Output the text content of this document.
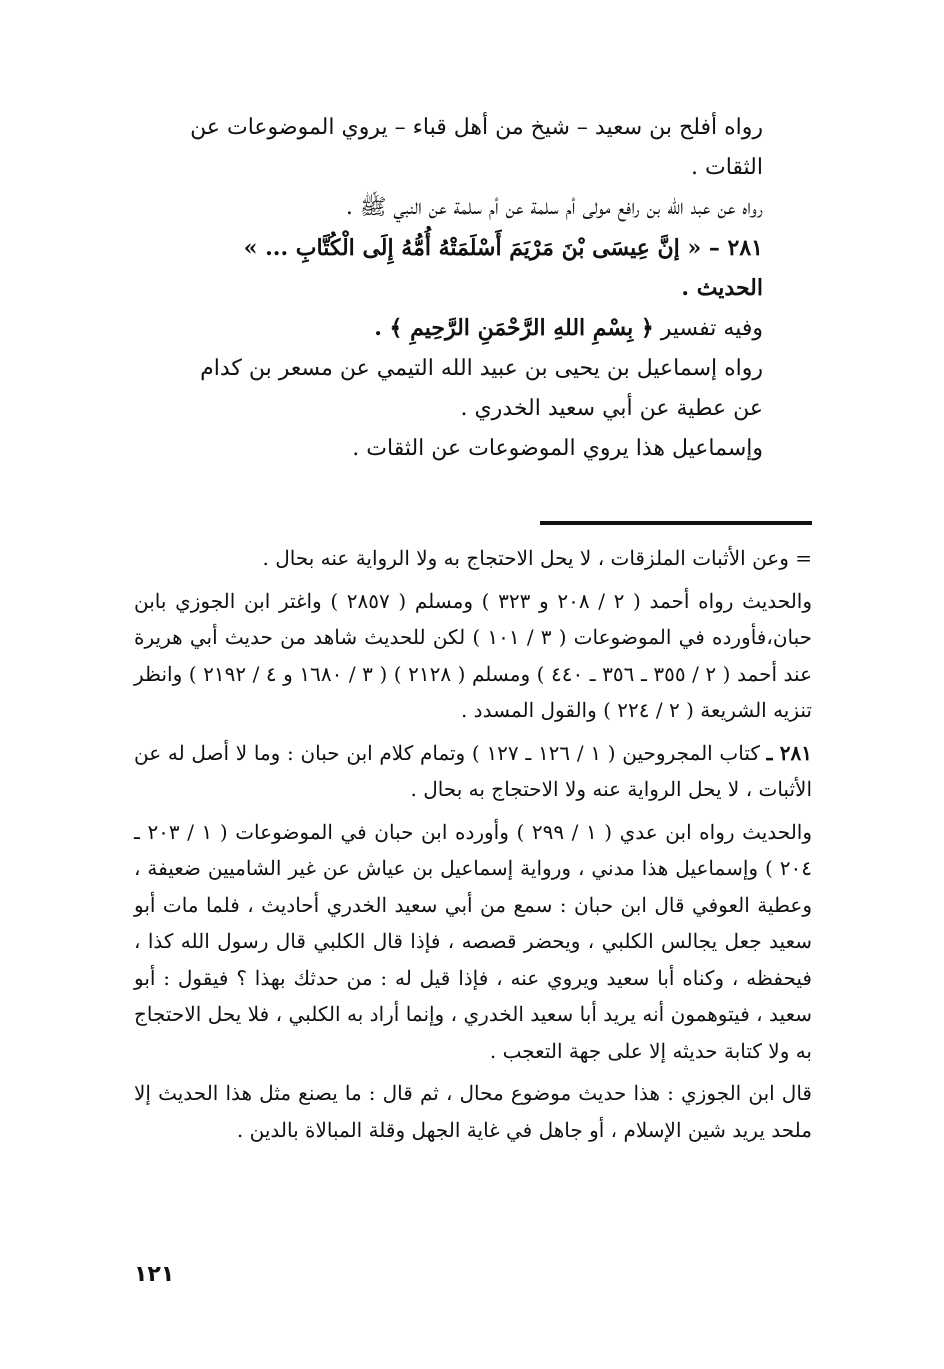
رواه أفلح بن سعيد – شيخ من أهل قباء – يروي الموضوعات عن الثقات .

رواه عن عبد الله بن رافع مولى أم سلمة عن أم سلمة عن النبي ﷺ .

٢٨١ – « إنَّ عِيسَى بْنَ مَرْيَمَ أَسْلَمَتْهُ أُمُّهُ إِلَى الْكُتَّابِ ... » الحديث .

وفيه تفسير ﴿ بِسْمِ اللهِ الرَّحْمَنِ الرَّحِيمِ ﴾ .

رواه إسماعيل بن يحيى بن عبيد الله التيمي عن مسعر بن كدام عن عطية عن أبي سعيد الخدري .

وإسماعيل هذا يروي الموضوعات عن الثقات .

= وعن الأثبات الملزقات ، لا يحل الاحتجاج به ولا الرواية عنه بحال .

والحديث رواه أحمد ( ٢ / ٢٠٨ و ٣٢٣ ) ومسلم ( ٢٨٥٧ ) واغتر ابن الجوزي بابن حبان،فأورده في الموضوعات ( ٣ / ١٠١ ) لكن للحديث شاهد من حديث أبي هريرة عند أحمد ( ٢ / ٣٥٥ ـ ٣٥٦ ـ ٤٤٠ ) ومسلم ( ٢١٢٨ ) ( ٣ / ١٦٨٠ و ٤ / ٢١٩٢ ) وانظر تنزيه الشريعة ( ٢ / ٢٢٤ ) والقول المسدد .

٢٨١ ـ كتاب المجروحين ( ١ / ١٢٦ ـ ١٢٧ ) وتمام كلام ابن حبان : وما لا أصل له عن الأثبات ، لا يحل الرواية عنه ولا الاحتجاج به بحال .

والحديث رواه ابن عدي ( ١ / ٢٩٩ ) وأورده ابن حبان في الموضوعات ( ١ / ٢٠٣ ـ ٢٠٤ ) وإسماعيل هذا مدني ، ورواية إسماعيل بن عياش عن غير الشاميين ضعيفة ، وعطية العوفي قال ابن حبان : سمع من أبي سعيد الخدري أحاديث ، فلما مات أبو سعيد جعل يجالس الكلبي ، ويحضر قصصه ، فإذا قال الكلبي قال رسول الله كذا ، فيحفظه ، وكناه أبا سعيد ويروي عنه ، فإذا قيل له : من حدثك بهذا ؟ فيقول : أبو سعيد ، فيتوهمون أنه يريد أبا سعيد الخدري ، وإنما أراد به الكلبي ، فلا يحل الاحتجاج به ولا كتابة حديثه إلا على جهة التعجب .

قال ابن الجوزي : هذا حديث موضوع محال ، ثم قال : ما يصنع مثل هذا الحديث إلا ملحد يريد شين الإسلام ، أو جاهل في غاية الجهل وقلة المبالاة بالدين .

١٢١
